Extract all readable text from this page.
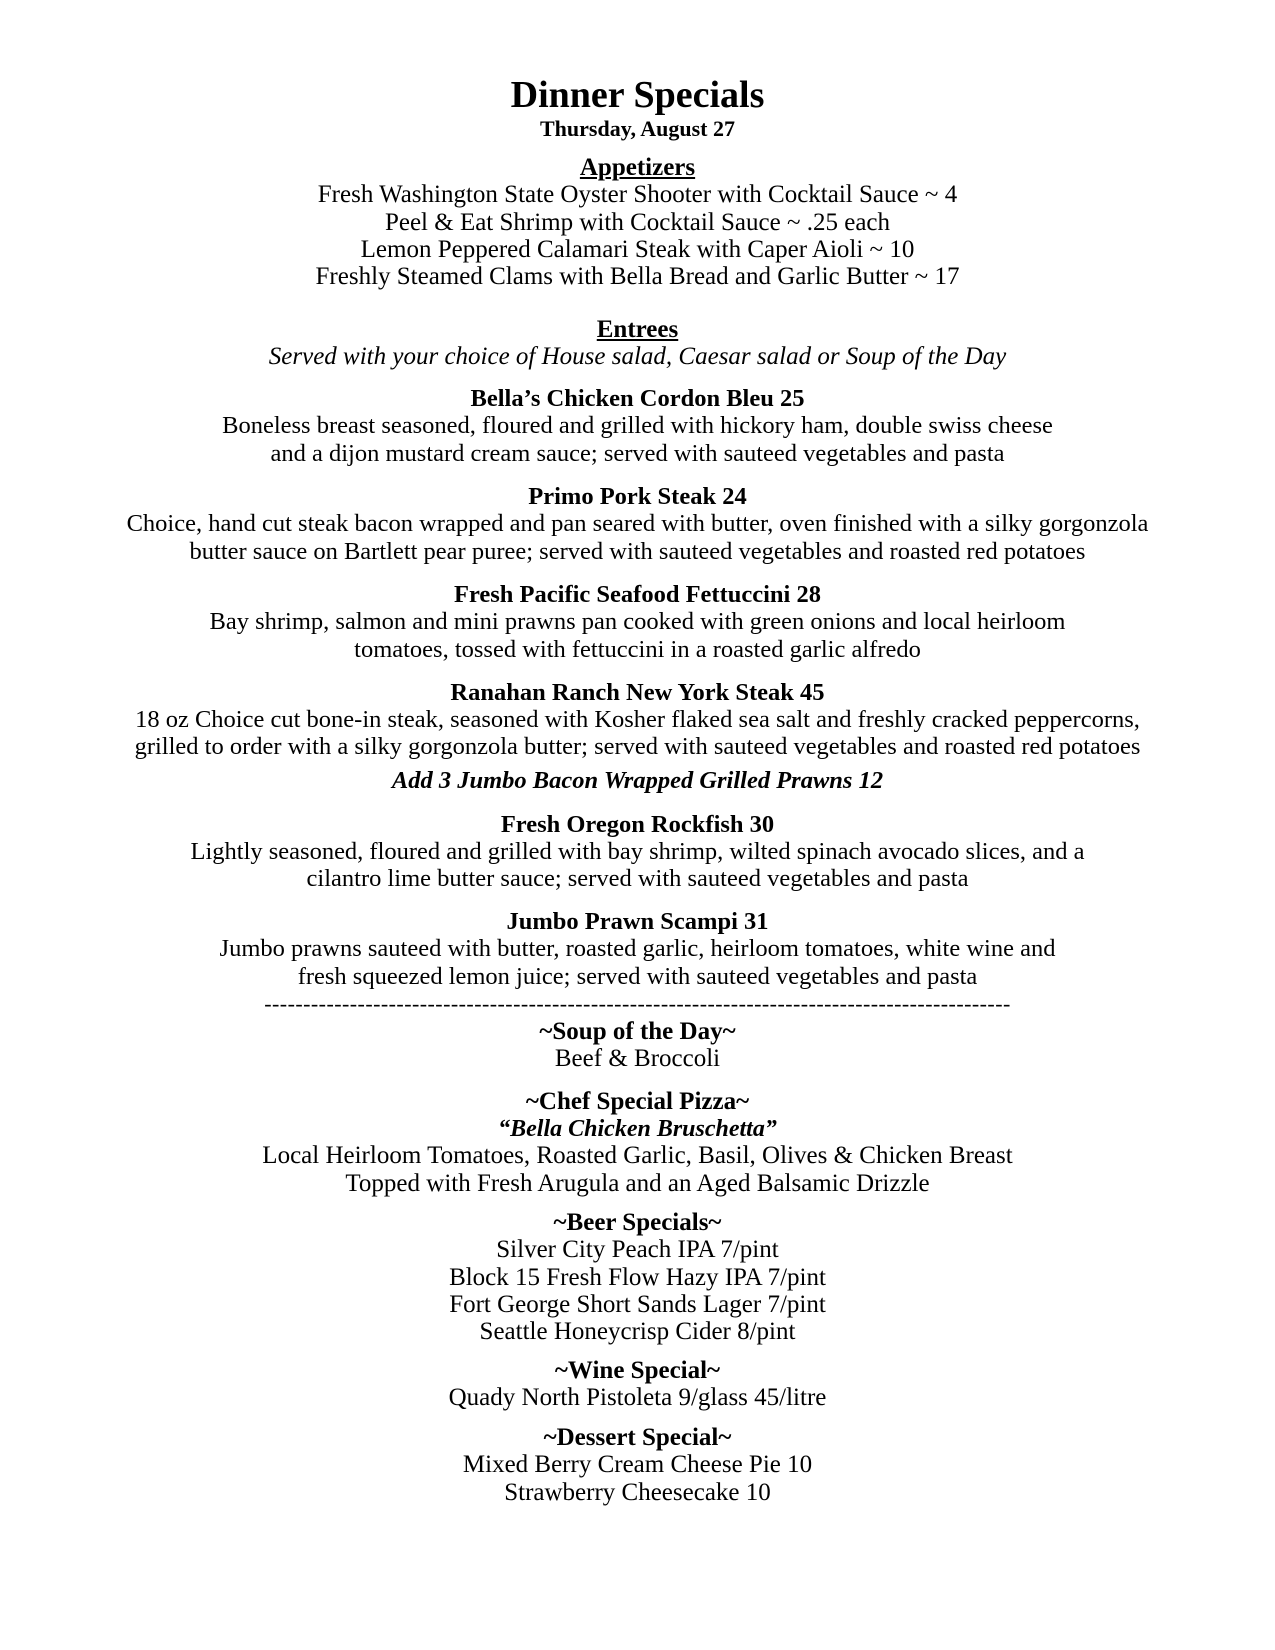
Dinner Specials
Thursday, August 27
Appetizers
Fresh Washington State Oyster Shooter with Cocktail Sauce ~ 4
Peel & Eat Shrimp with Cocktail Sauce ~ .25 each
Lemon Peppered Calamari Steak with Caper Aioli ~ 10
Freshly Steamed Clams with Bella Bread and Garlic Butter ~ 17
Entrees
Served with your choice of House salad, Caesar salad or Soup of the Day
Bella’s Chicken Cordon Bleu 25
Boneless breast seasoned, floured and grilled with hickory ham, double swiss cheese
and a dijon mustard cream sauce; served with sauteed vegetables and pasta
Primo Pork Steak 24
Choice, hand cut steak bacon wrapped and pan seared with butter, oven finished with a silky gorgonzola
butter sauce on Bartlett pear puree; served with sauteed vegetables and roasted red potatoes
Fresh Pacific Seafood Fettuccini 28
Bay shrimp, salmon and mini prawns pan cooked with green onions and local heirloom
tomatoes, tossed with fettuccini in a roasted garlic alfredo
Ranahan Ranch New York Steak 45
18 oz Choice cut bone-in steak, seasoned with Kosher flaked sea salt and freshly cracked peppercorns,
grilled to order with a silky gorgonzola butter; served with sauteed vegetables and roasted red potatoes
Add 3 Jumbo Bacon Wrapped Grilled Prawns 12
Fresh Oregon Rockfish 30
Lightly seasoned, floured and grilled with bay shrimp, wilted spinach avocado slices, and a
cilantro lime butter sauce; served with sauteed vegetables and pasta
Jumbo Prawn Scampi 31
Jumbo prawns sauteed with butter, roasted garlic, heirloom tomatoes, white wine and
fresh squeezed lemon juice; served with sauteed vegetables and pasta
------------------------------------------------------------------------------------------------
~Soup of the Day~
Beef & Broccoli
~Chef Special Pizza~
“Bella Chicken Bruschetta”
Local Heirloom Tomatoes, Roasted Garlic, Basil, Olives & Chicken Breast
Topped with Fresh Arugula and an Aged Balsamic Drizzle
~Beer Specials~
Silver City Peach IPA 7/pint
Block 15 Fresh Flow Hazy IPA 7/pint
Fort George Short Sands Lager 7/pint
Seattle Honeycrisp Cider 8/pint
~Wine Special~
Quady North Pistoleta 9/glass 45/litre
~Dessert Special~
Mixed Berry Cream Cheese Pie 10
Strawberry Cheesecake 10
